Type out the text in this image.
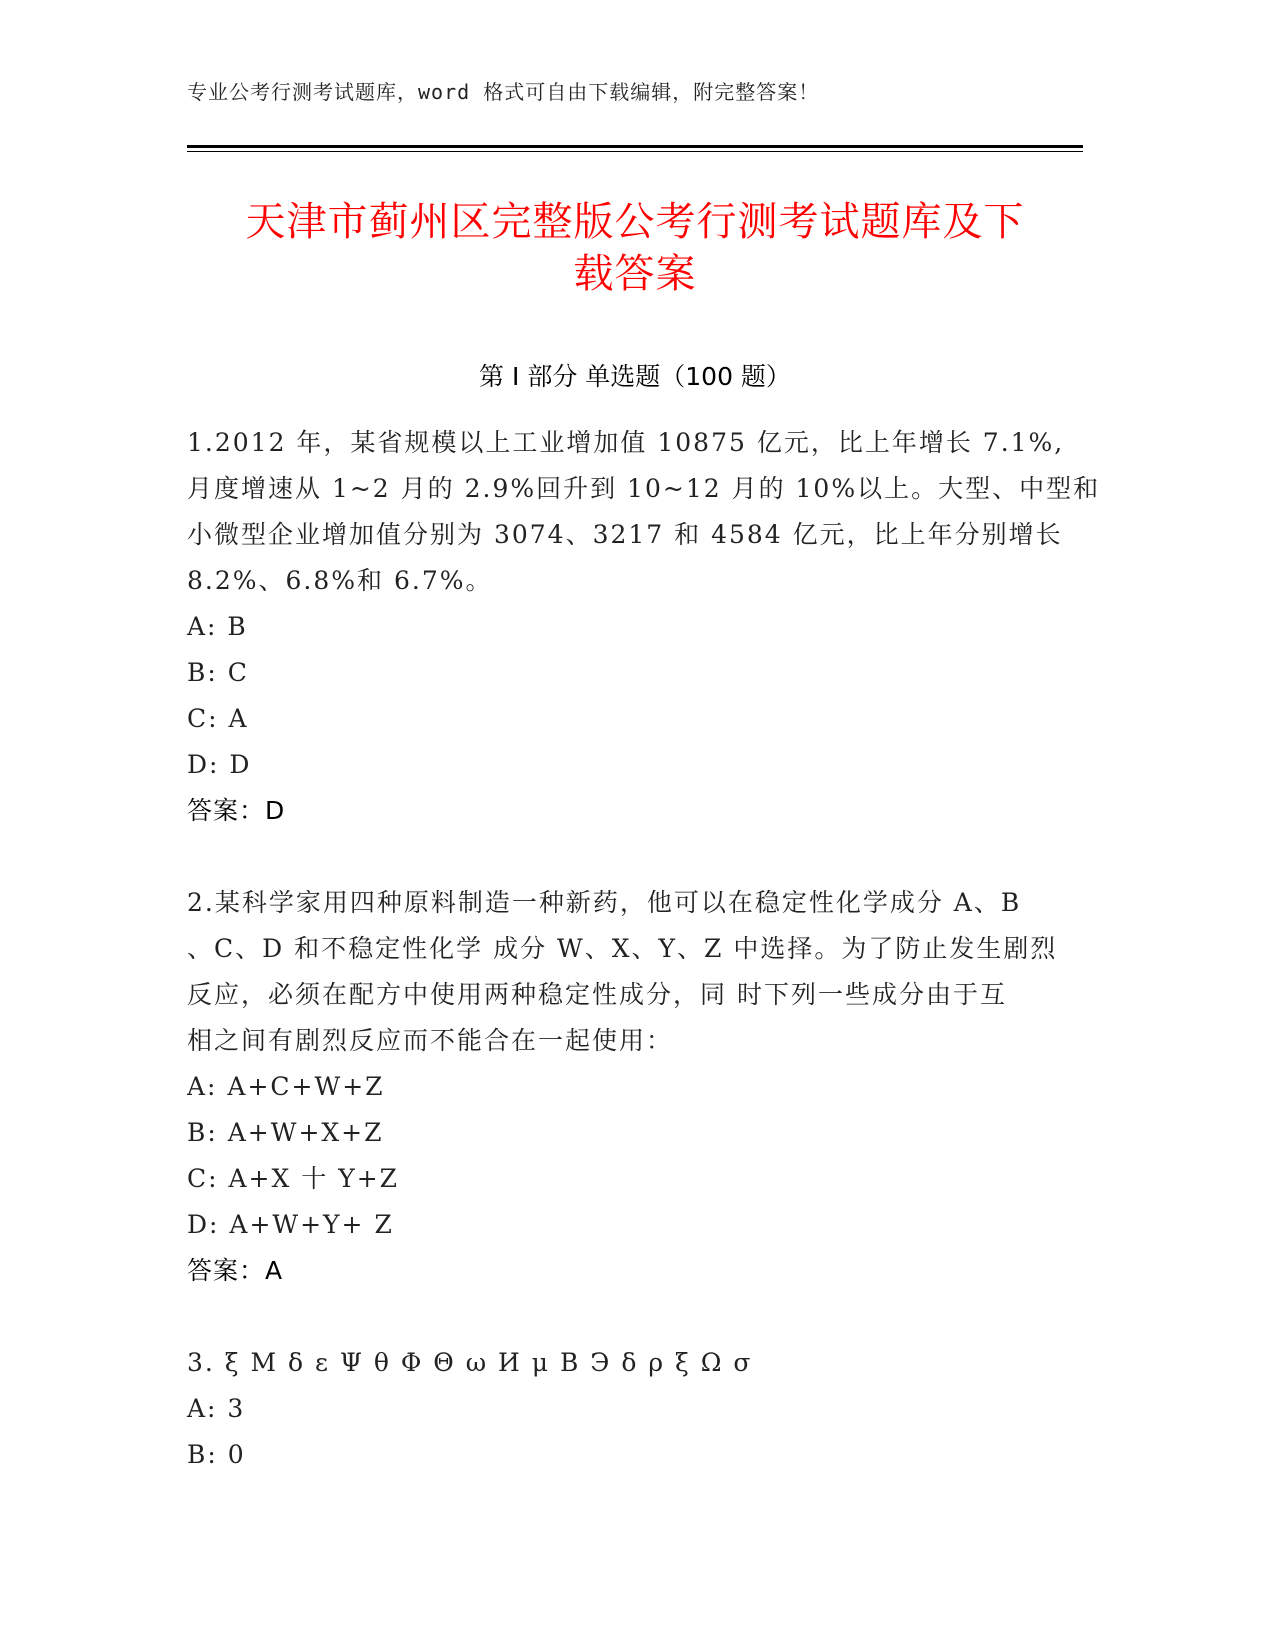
专业公考行测考试题库，word 格式可自由下载编辑，附完整答案！
天津市蓟州区完整版公考行测考试题库及下
载答案
第 I 部分 单选题（100 题）
1.2012 年，某省规模以上工业增加值 10875 亿元，比上年增长 7.1%,
月度增速从 1~2 月的 2.9%回升到 10~12 月的 10%以上。大型、中型和
小微型企业增加值分别为 3074、3217 和 4584 亿元，比上年分别增长
8.2%、6.8%和 6.7%。
A: B
B: C
C: A
D: D
答案：D
2.某科学家用四种原料制造一种新药，他可以在稳定性化学成分 A、B
、C、D 和不稳定性化学 成分 W、X、Y、Z 中选择。为了防止发生剧烈
反应，必须在配方中使用两种稳定性成分，同 时下列一些成分由于互
相之间有剧烈反应而不能合在一起使用：
A: A+C+W+Z
B: A+W+X+Z
C: A+X 十 Y+Z
D: A+W+Y+ Z
答案：A
3. ξ M δ ε Ψ θ Φ Θ ω И μ B Э δ ρ ξ Ω σ
A: 3
B: 0
